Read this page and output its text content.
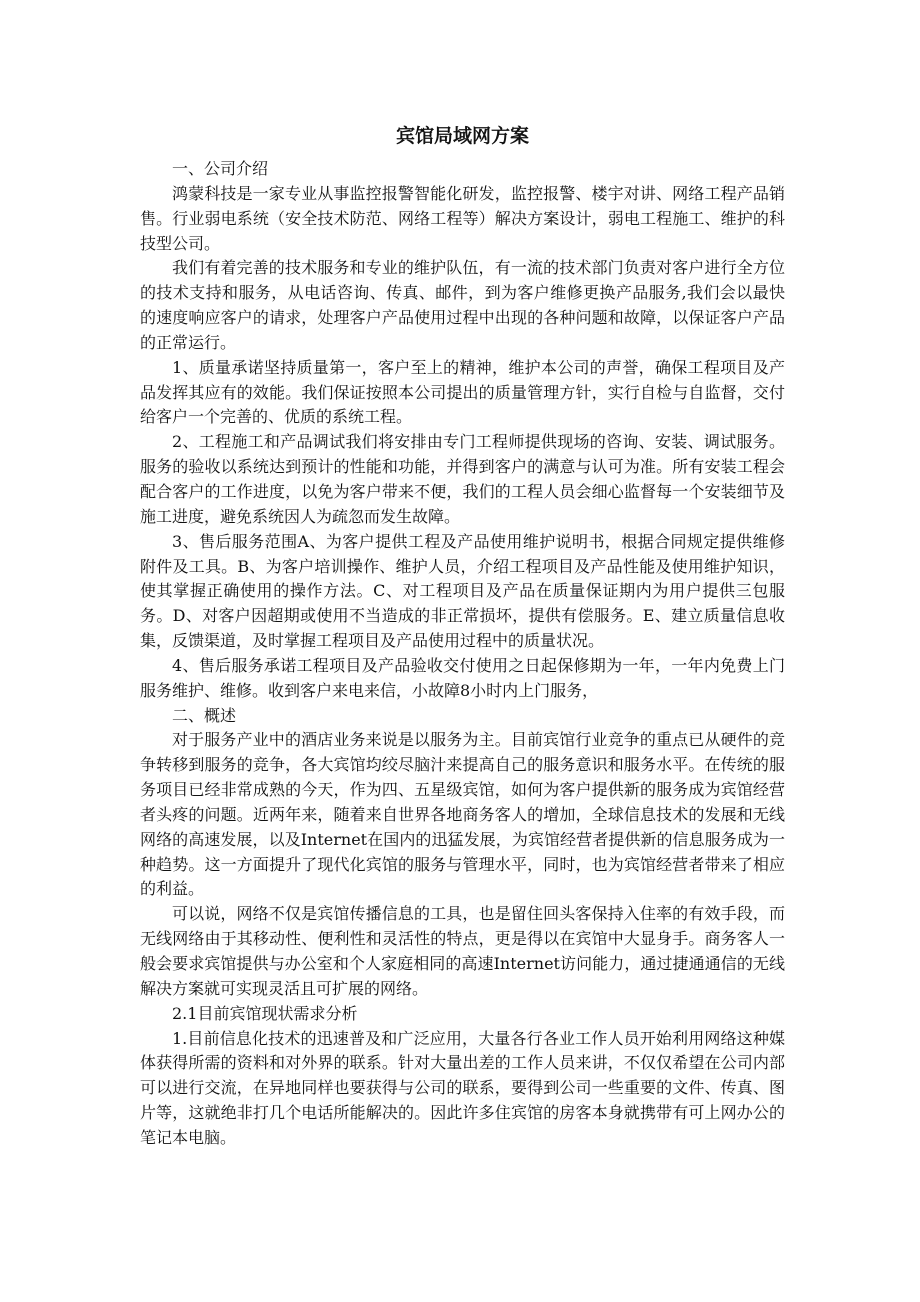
宾馆局域网方案

一、公司介绍

鸿蒙科技是一家专业从事监控报警智能化研发，监控报警、楼宇对讲、网络工程产品销售。行业弱电系统（安全技术防范、网络工程等）解决方案设计，弱电工程施工、维护的科技型公司。

我们有着完善的技术服务和专业的维护队伍，有一流的技术部门负责对客户进行全方位的技术支持和服务，从电话咨询、传真、邮件，到为客户维修更换产品服务,我们会以最快的速度响应客户的请求，处理客户产品使用过程中出现的各种问题和故障，以保证客户产品的正常运行。

1、质量承诺坚持质量第一，客户至上的精神，维护本公司的声誉，确保工程项目及产品发挥其应有的效能。我们保证按照本公司提出的质量管理方针，实行自检与自监督，交付给客户一个完善的、优质的系统工程。

2、工程施工和产品调试我们将安排由专门工程师提供现场的咨询、安装、调试服务。服务的验收以系统达到预计的性能和功能，并得到客户的满意与认可为准。所有安装工程会配合客户的工作进度，以免为客户带来不便，我们的工程人员会细心监督每一个安装细节及施工进度，避免系统因人为疏忽而发生故障。

3、售后服务范围A、为客户提供工程及产品使用维护说明书，根据合同规定提供维修附件及工具。B、为客户培训操作、维护人员，介绍工程项目及产品性能及使用维护知识，使其掌握正确使用的操作方法。C、对工程项目及产品在质量保证期内为用户提供三包服务。D、对客户因超期或使用不当造成的非正常损坏，提供有偿服务。E、建立质量信息收集，反馈渠道，及时掌握工程项目及产品使用过程中的质量状况。

4、售后服务承诺工程项目及产品验收交付使用之日起保修期为一年，一年内免费上门服务维护、维修。收到客户来电来信，小故障8小时内上门服务，

二、概述

对于服务产业中的酒店业务来说是以服务为主。目前宾馆行业竞争的重点已从硬件的竞争转移到服务的竞争，各大宾馆均绞尽脑汁来提高自己的服务意识和服务水平。在传统的服务项目已经非常成熟的今天，作为四、五星级宾馆，如何为客户提供新的服务成为宾馆经营者头疼的问题。近两年来，随着来自世界各地商务客人的增加，全球信息技术的发展和无线网络的高速发展，以及Internet在国内的迅猛发展，为宾馆经营者提供新的信息服务成为一种趋势。这一方面提升了现代化宾馆的服务与管理水平，同时，也为宾馆经营者带来了相应的利益。

可以说，网络不仅是宾馆传播信息的工具，也是留住回头客保持入住率的有效手段，而无线网络由于其移动性、便利性和灵活性的特点，更是得以在宾馆中大显身手。商务客人一般会要求宾馆提供与办公室和个人家庭相同的高速Internet访问能力，通过捷通通信的无线解决方案就可实现灵活且可扩展的网络。

2.1目前宾馆现状需求分析

1.目前信息化技术的迅速普及和广泛应用，大量各行各业工作人员开始利用网络这种媒体获得所需的资料和对外界的联系。针对大量出差的工作人员来讲，不仅仅希望在公司内部可以进行交流，在异地同样也要获得与公司的联系，要得到公司一些重要的文件、传真、图片等，这就绝非打几个电话所能解决的。因此许多住宾馆的房客本身就携带有可上网办公的笔记本电脑。
